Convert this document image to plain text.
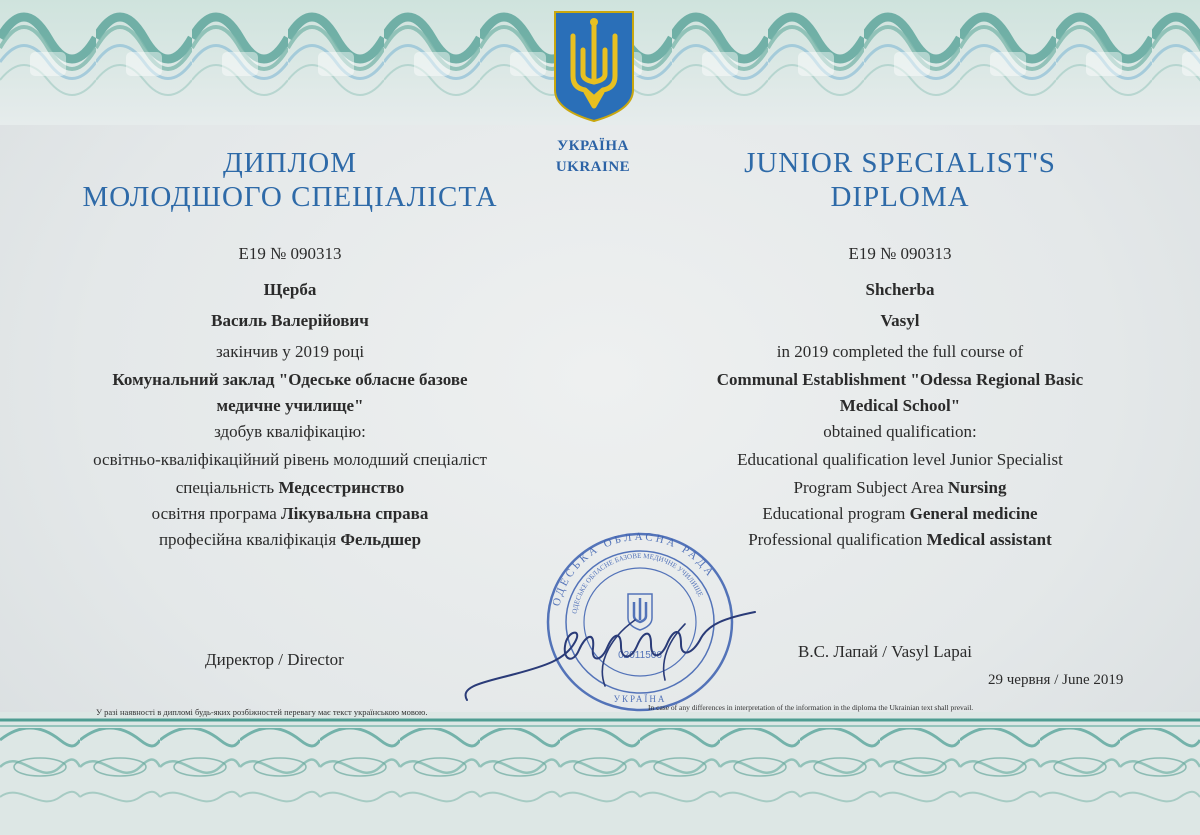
УКРАЇНА
UKRAINE
ДИПЛОМ
МОЛОДШОГО СПЕЦІАЛІСТА
JUNIOR SPECIALIST'S
DIPLOMA
E19 № 090313
Щерба
Василь Валерійович
закінчив у 2019 році
Комунальний заклад "Одеське обласне базове
медичне училище"
здобув кваліфікацію:
освітньо-кваліфікаційний рівень молодший спеціаліст
спеціальність Медсестринство
освітня програма Лікувальна справа
професійна кваліфікація Фельдшер
E19 № 090313
Shcherba
Vasyl
in 2019 completed the full course of
Communal Establishment "Odessa Regional Basic
Medical School"
obtained qualification:
Educational qualification level Junior Specialist
Program Subject Area Nursing
Educational program General medicine
Professional qualification Medical assistant
Директор / Director	В.С. Лапай / Vasyl Lapai
29 червня / June 2019
ОДЕСЬКА ОБЛАСНА РАДА
ОДЕСЬКЕ ОБЛАСНЕ БАЗОВЕ МЕДИЧНЕ УЧИЛИЩЕ
02011506
УКРАЇНА
У разі наявності в дипломі будь-яких розбіжностей перевагу має текст українською мовою.	In case of any differences in interpretation of the information in the diploma the Ukrainian text shall prevail.
